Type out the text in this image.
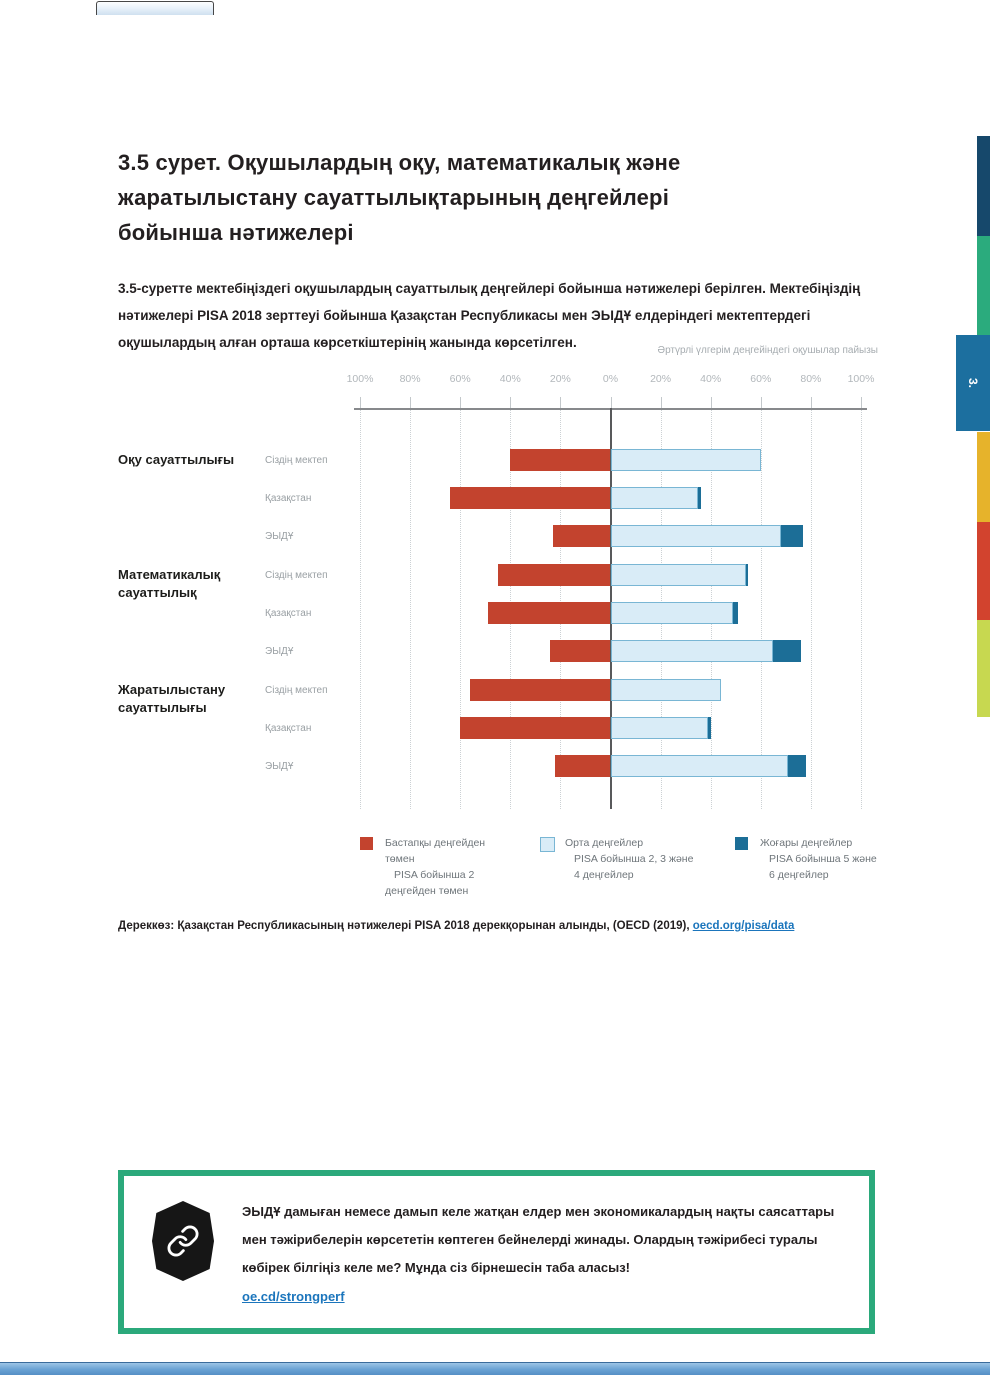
3.5 сурет. Оқушылардың оқу, математикалық және жаратылыстану сауаттылықтарының деңгейлері бойынша нәтижелері

3.5-суретте мектебіңіздегі оқушылардың сауаттылық деңгейлері бойынша нәтижелері берілген. Мектебіңіздің нәтижелері PISA 2018 зерттеуі бойынша Қазақстан Республикасы мен ЭЫДҰ елдеріндегі мектептердегі оқушылардың алған орташа көрсеткіштерінің жанында көрсетілген.

Әртүрлі үлгерім деңгейіндегі оқушылар пайызы
100%	80%	60%	40%	20%	0%	20%	40%	60%	80%	100%
Оқу сауаттылығы	Сіздің мектеп
Қазақстан
ЭЫДҰ
Математикалық сауаттылық
Сіздің мектеп
Қазақстан
ЭЫДҰ
Жаратылыстану сауаттылығы
Сіздің мектеп
Қазақстан
ЭЫДҰ
Бастапқы деңгейден
төмен
PISA бойынша 2
деңгейден төмен
Орта деңгейлер
PISA бойынша 2, 3 және
4 деңгейлер
Жоғары деңгейлер
PISA бойынша 5 және
6 деңгейлер

Дереккөз: Қазақстан Республикасының нәтижелері PISA 2018 дерекқорынан алынды, (OECD (2019), oecd.org/pisa/data

ЭЫДҰ дамыған немесе дамып келе жатқан елдер мен экономикалардың нақты саясаттары мен тәжірибелерін көрсететін көптеген бейнелерді жинады. Олардың тәжірибесі туралы көбірек білгіңіз келе ме? Мұнда сіз бірнешесін таба аласыз!
oe.cd/strongperf
3.
